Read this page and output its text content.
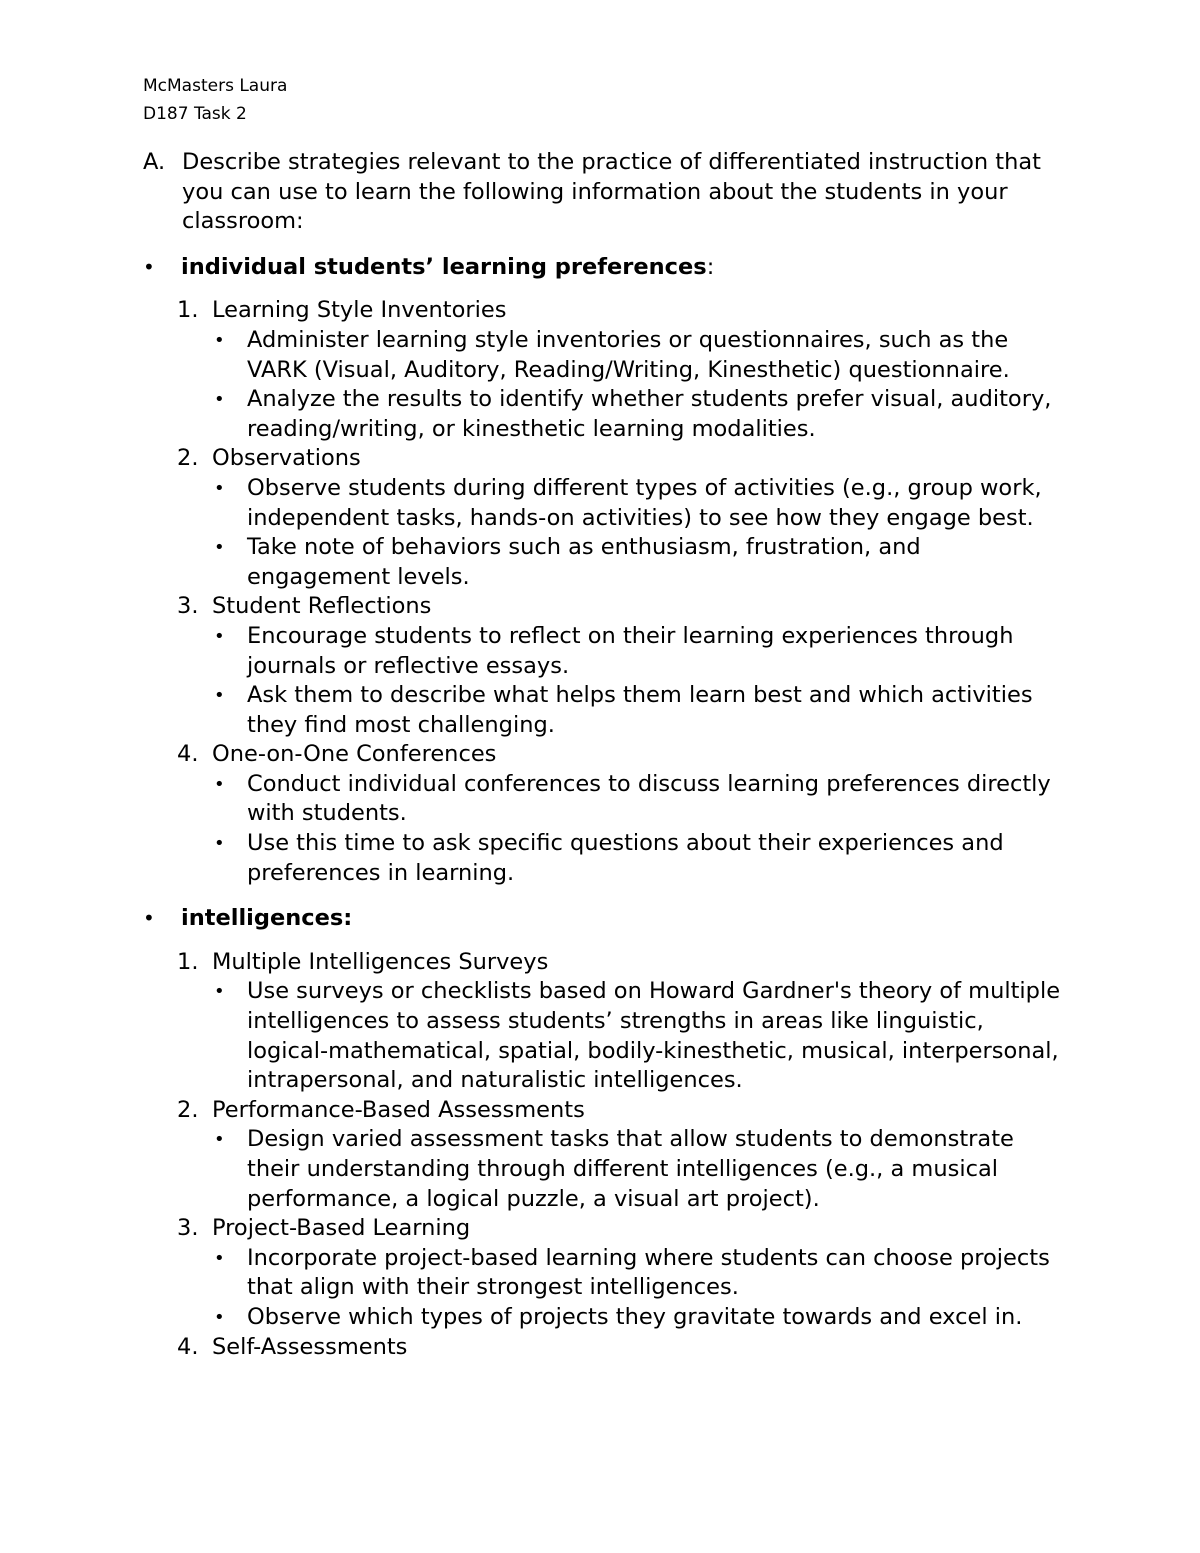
McMasters Laura
D187 Task 2
A. Describe strategies relevant to the practice of differentiated instruction that you can use to learn the following information about the students in your classroom:
•	individual students’ learning preferences:
1. Learning Style Inventories
• Administer learning style inventories or questionnaires, such as the VARK (Visual, Auditory, Reading/Writing, Kinesthetic) questionnaire.
• Analyze the results to identify whether students prefer visual, auditory, reading/writing, or kinesthetic learning modalities.
2. Observations
• Observe students during different types of activities (e.g., group work, independent tasks, hands-on activities) to see how they engage best.
• Take note of behaviors such as enthusiasm, frustration, and engagement levels.
3. Student Reflections
• Encourage students to reflect on their learning experiences through journals or reflective essays.
• Ask them to describe what helps them learn best and which activities they find most challenging.
4. One-on-One Conferences
• Conduct individual conferences to discuss learning preferences directly with students.
• Use this time to ask specific questions about their experiences and preferences in learning.
•	intelligences:
1. Multiple Intelligences Surveys
• Use surveys or checklists based on Howard Gardner's theory of multiple intelligences to assess students’ strengths in areas like linguistic, logical-mathematical, spatial, bodily-kinesthetic, musical, interpersonal, intrapersonal, and naturalistic intelligences.
2. Performance-Based Assessments
• Design varied assessment tasks that allow students to demonstrate their understanding through different intelligences (e.g., a musical performance, a logical puzzle, a visual art project).
3. Project-Based Learning
• Incorporate project-based learning where students can choose projects that align with their strongest intelligences.
• Observe which types of projects they gravitate towards and excel in.
4. Self-Assessments
